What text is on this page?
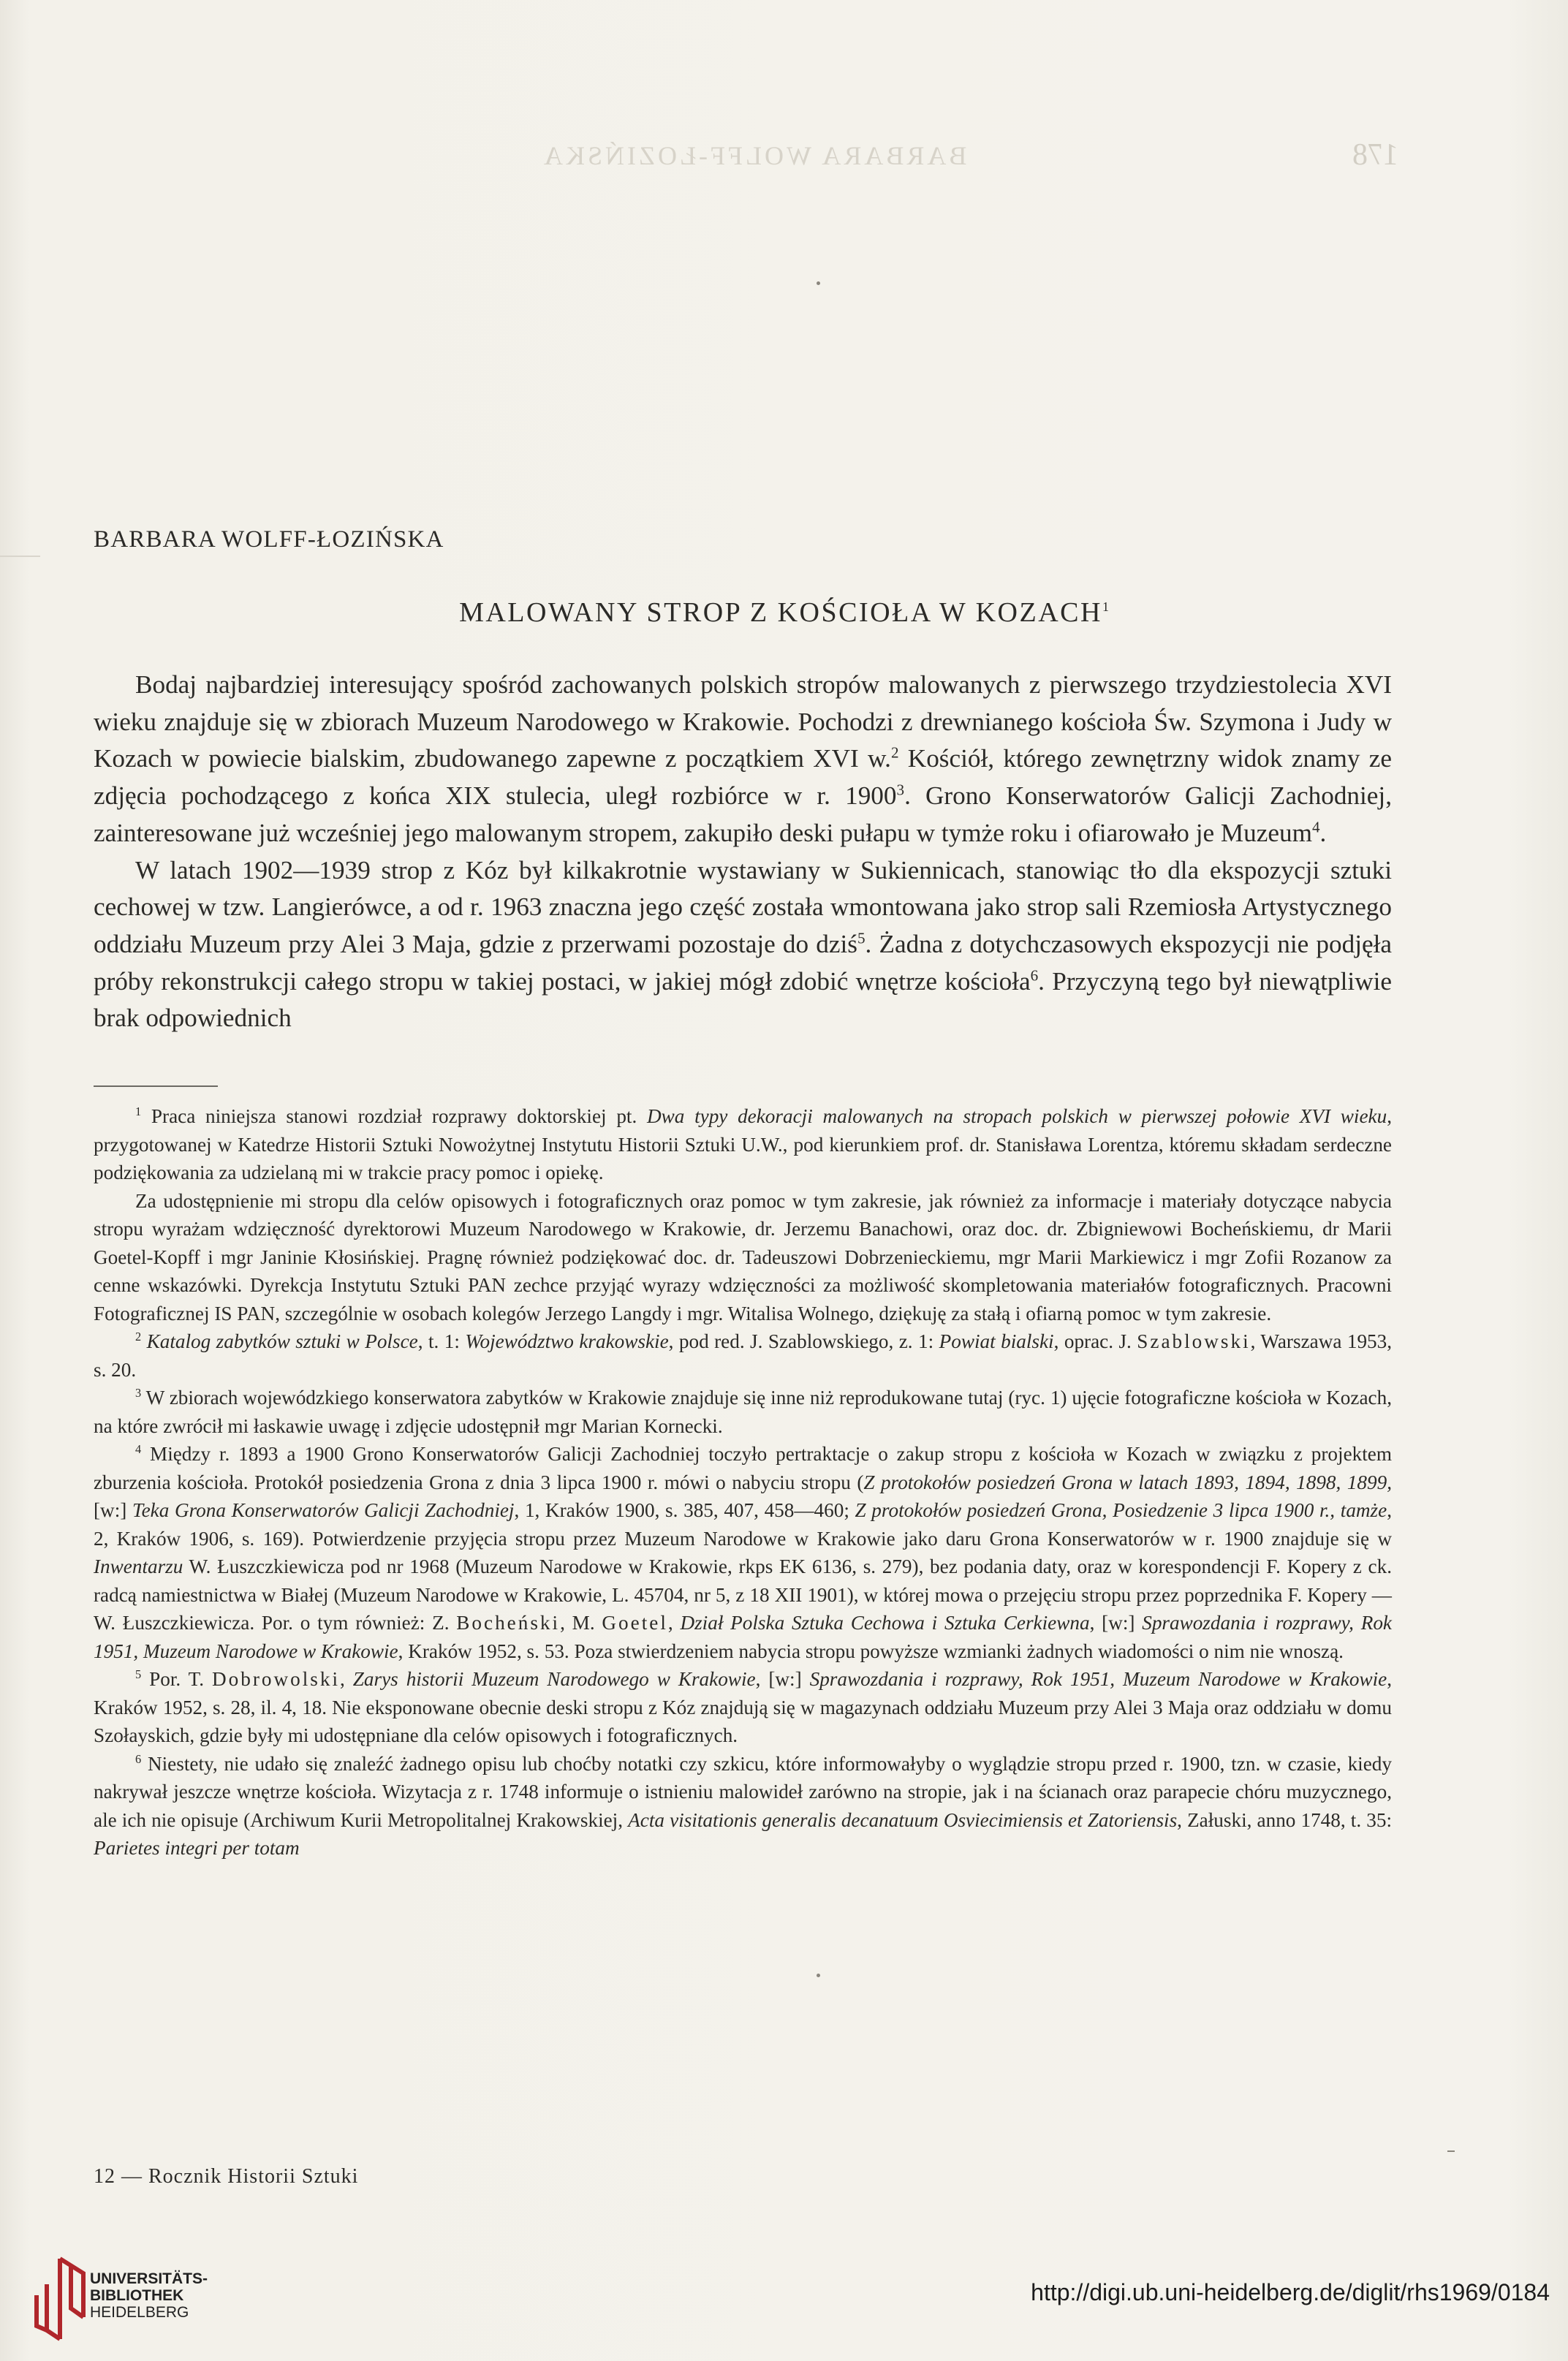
BARBARA WOLFF-ŁOZIŃSKA	178
BARBARA WOLFF-ŁOZIŃSKA
MALOWANY STROP Z KOŚCIOŁA W KOZACH$^1$

Bodaj najbardziej interesujący spośród zachowanych polskich stropów malowanych z pierwszego trzydziestolecia XVI wieku znajduje się w zbiorach Muzeum Narodowego w Krakowie. Pochodzi z drewnianego kościoła Św. Szymona i Judy w Kozach w powiecie bialskim, zbudowanego zapewne z początkiem XVI w.$^2$ Kościół, którego zewnętrzny widok znamy ze zdjęcia pochodzącego z końca XIX stulecia, uległ rozbiórce w r. 1900$^3$. Grono Konserwatorów Galicji Zachodniej, zainteresowane już wcześniej jego malowanym stropem, zakupiło deski pułapu w tymże roku i ofiarowało je Muzeum$^4$.

W latach 1902—1939 strop z Kóz był kilkakrotnie wystawiany w Sukiennicach, stanowiąc tło dla ekspozycji sztuki cechowej w tzw. Langierówce, a od r. 1963 znaczna jego część została wmontowana jako strop sali Rzemiosła Artystycznego oddziału Muzeum przy Alei 3 Maja, gdzie z przerwami pozostaje do dziś$^5$. Żadna z dotychczasowych ekspozycji nie podjęła próby rekonstrukcji całego stropu w takiej postaci, w jakiej mógł zdobić wnętrze kościoła$^6$. Przyczyną tego był niewątpliwie brak odpowiednich

$^1$ Praca niniejsza stanowi rozdział rozprawy doktorskiej pt. Dwa typy dekoracji malowanych na stropach polskich w pierwszej połowie XVI wieku, przygotowanej w Katedrze Historii Sztuki Nowożytnej Instytutu Historii Sztuki U.W., pod kierunkiem prof. dr. Stanisława Lorentza, któremu składam serdeczne podziękowania za udzielaną mi w trakcie pracy pomoc i opiekę.

Za udostępnienie mi stropu dla celów opisowych i fotograficznych oraz pomoc w tym zakresie, jak również za informacje i materiały dotyczące nabycia stropu wyrażam wdzięczność dyrektorowi Muzeum Narodowego w Krakowie, dr. Jerzemu Banachowi, oraz doc. dr. Zbigniewowi Bocheńskiemu, dr Marii Goetel-Kopff i mgr Janinie Kłosińskiej. Pragnę również podziękować doc. dr. Tadeuszowi Dobrzenieckiemu, mgr Marii Markiewicz i mgr Zofii Rozanow za cenne wskazówki. Dyrekcja Instytutu Sztuki PAN zechce przyjąć wyrazy wdzięczności za możliwość skompletowania materiałów fotograficznych. Pracowni Fotograficznej IS PAN, szczególnie w osobach kolegów Jerzego Langdy i mgr. Witalisa Wolnego, dziękuję za stałą i ofiarną pomoc w tym zakresie.

$^2$ Katalog zabytków sztuki w Polsce, t. 1: Województwo krakowskie, pod red. J. Szablowskiego, z. 1: Powiat bialski, oprac. J. Szablowski, Warszawa 1953, s. 20.

$^3$ W zbiorach wojewódzkiego konserwatora zabytków w Krakowie znajduje się inne niż reprodukowane tutaj (ryc. 1) ujęcie fotograficzne kościoła w Kozach, na które zwrócił mi łaskawie uwagę i zdjęcie udostępnił mgr Marian Kornecki.

$^4$ Między r. 1893 a 1900 Grono Konserwatorów Galicji Zachodniej toczyło pertraktacje o zakup stropu z kościoła w Kozach w związku z projektem zburzenia kościoła. Protokół posiedzenia Grona z dnia 3 lipca 1900 r. mówi o nabyciu stropu (Z protokołów posiedzeń Grona w latach 1893, 1894, 1898, 1899, [w:] Teka Grona Konserwatorów Galicji Zachodniej, 1, Kraków 1900, s. 385, 407, 458—460; Z protokołów posiedzeń Grona, Posiedzenie 3 lipca 1900 r., tamże, 2, Kraków 1906, s. 169). Potwierdzenie przyjęcia stropu przez Muzeum Narodowe w Krakowie jako daru Grona Konserwatorów w r. 1900 znajduje się w Inwentarzu W. Łuszczkiewicza pod nr 1968 (Muzeum Narodowe w Krakowie, rkps EK 6136, s. 279), bez podania daty, oraz w korespondencji F. Kopery z ck. radcą namiestnictwa w Białej (Muzeum Narodowe w Krakowie, L. 45704, nr 5, z 18 XII 1901), w której mowa o przejęciu stropu przez poprzednika F. Kopery — W. Łuszczkiewicza. Por. o tym również: Z. Bocheński, M. Goetel, Dział Polska Sztuka Cechowa i Sztuka Cerkiewna, [w:] Sprawozdania i rozprawy, Rok 1951, Muzeum Narodowe w Krakowie, Kraków 1952, s. 53. Poza stwierdzeniem nabycia stropu powyższe wzmianki żadnych wiadomości o nim nie wnoszą.

$^5$ Por. T. Dobrowolski, Zarys historii Muzeum Narodowego w Krakowie, [w:] Sprawozdania i rozprawy, Rok 1951, Muzeum Narodowe w Krakowie, Kraków 1952, s. 28, il. 4, 18. Nie eksponowane obecnie deski stropu z Kóz znajdują się w magazynach oddziału Muzeum przy Alei 3 Maja oraz oddziału w domu Szołayskich, gdzie były mi udostępniane dla celów opisowych i fotograficznych.

$^6$ Niestety, nie udało się znaleźć żadnego opisu lub choćby notatki czy szkicu, które informowałyby o wyglądzie stropu przed r. 1900, tzn. w czasie, kiedy nakrywał jeszcze wnętrze kościoła. Wizytacja z r. 1748 informuje o istnieniu malowideł zarówno na stropie, jak i na ścianach oraz parapecie chóru muzycznego, ale ich nie opisuje (Archiwum Kurii Metropolitalnej Krakowskiej, Acta visitationis generalis decanatuum Osviecimiensis et Zatoriensis, Załuski, anno 1748, t. 35: Parietes integri per totam

12 — Rocznik Historii Sztuki
UNIVERSITÄTS-
BIBLIOTHEK
HEIDELBERG
http://digi.ub.uni-heidelberg.de/diglit/rhs1969/0184
